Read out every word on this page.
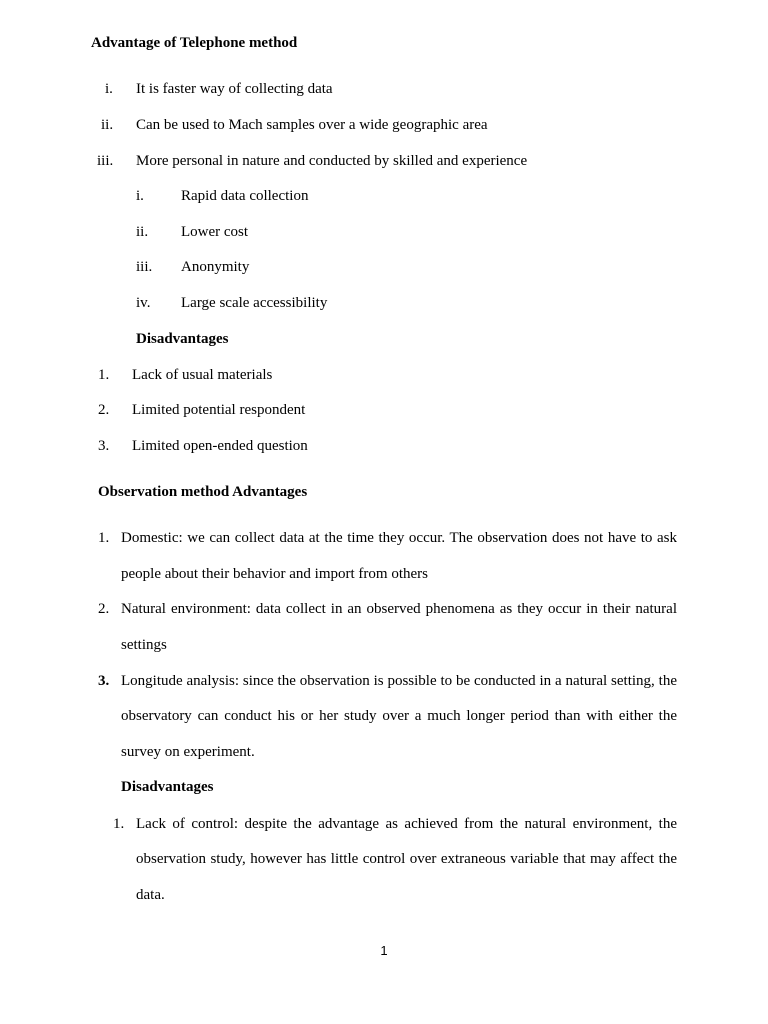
Advantage of Telephone method
i. It is faster way of collecting data
ii. Can be used to Mach samples over a wide geographic area
iii. More personal in nature and conducted by skilled and experience
i. Rapid data collection
ii. Lower cost
iii. Anonymity
iv. Large scale accessibility
Disadvantages
1. Lack of usual materials
2. Limited potential respondent
3. Limited open-ended question
Observation method Advantages
1. Domestic: we can collect data at the time they occur. The observation does not have to ask
people about their behavior and import from others
2. Natural environment: data collect in an observed phenomena as they occur in their natural
settings
3. Longitude analysis: since the observation is possible to be conducted in a natural setting, the
observatory can conduct his or her study over a much longer period than with either the
survey on experiment.
Disadvantages
1. Lack of control: despite the advantage as achieved from the natural environment, the
observation study, however has little control over extraneous variable that may affect the
data.
1
